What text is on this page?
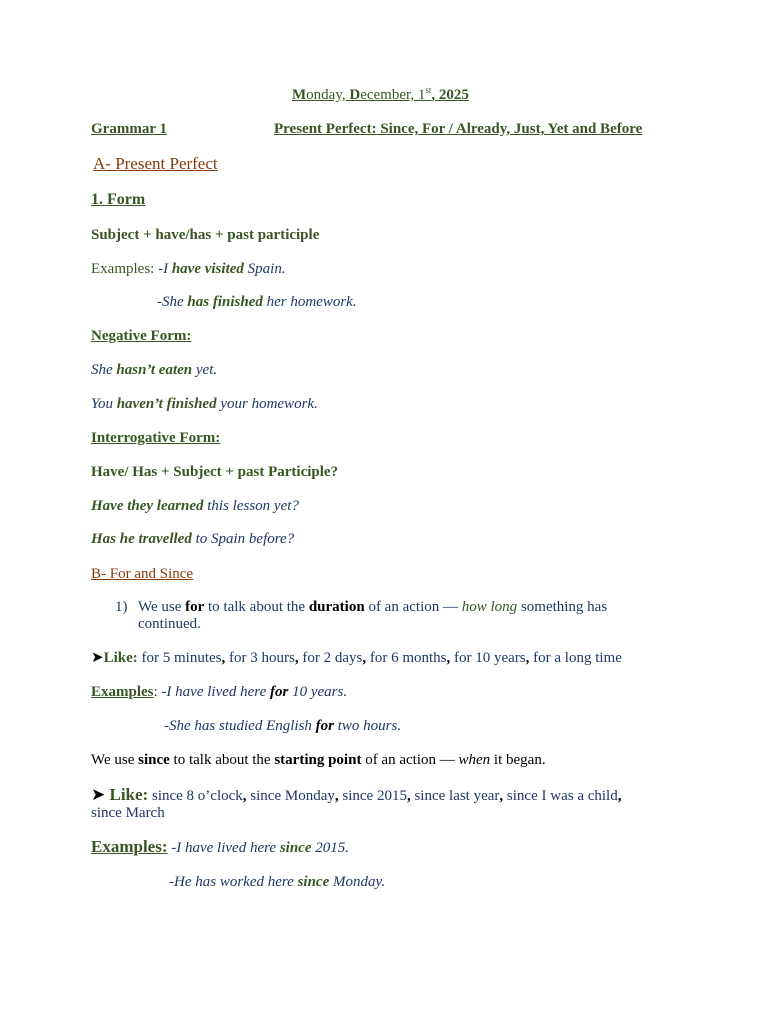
Monday, December, 1st, 2025
Grammar 1	Present Perfect: Since, For / Already, Just, Yet and Before
A- Present Perfect
1. Form
Subject + have/has + past participle
Examples: -I have visited Spain.
-She has finished her homework.
Negative Form:
She hasn’t eaten yet.
You haven’t finished your homework.
Interrogative Form:
Have/ Has + Subject + past Participle?
Have they learned this lesson yet?
Has he travelled to Spain before?
B- For and Since
1) We use for to talk about the duration of an action — how long something has
continued.
➤Like: for 5 minutes, for 3 hours, for 2 days, for 6 months, for 10 years, for a long time
Examples: -I have lived here for 10 years.
-She has studied English for two hours.
We use since to talk about the starting point of an action — when it began.
➤ Like: since 8 o’clock, since Monday, since 2015, since last year, since I was a child,
since March
Examples: -I have lived here since 2015.
-He has worked here since Monday.
